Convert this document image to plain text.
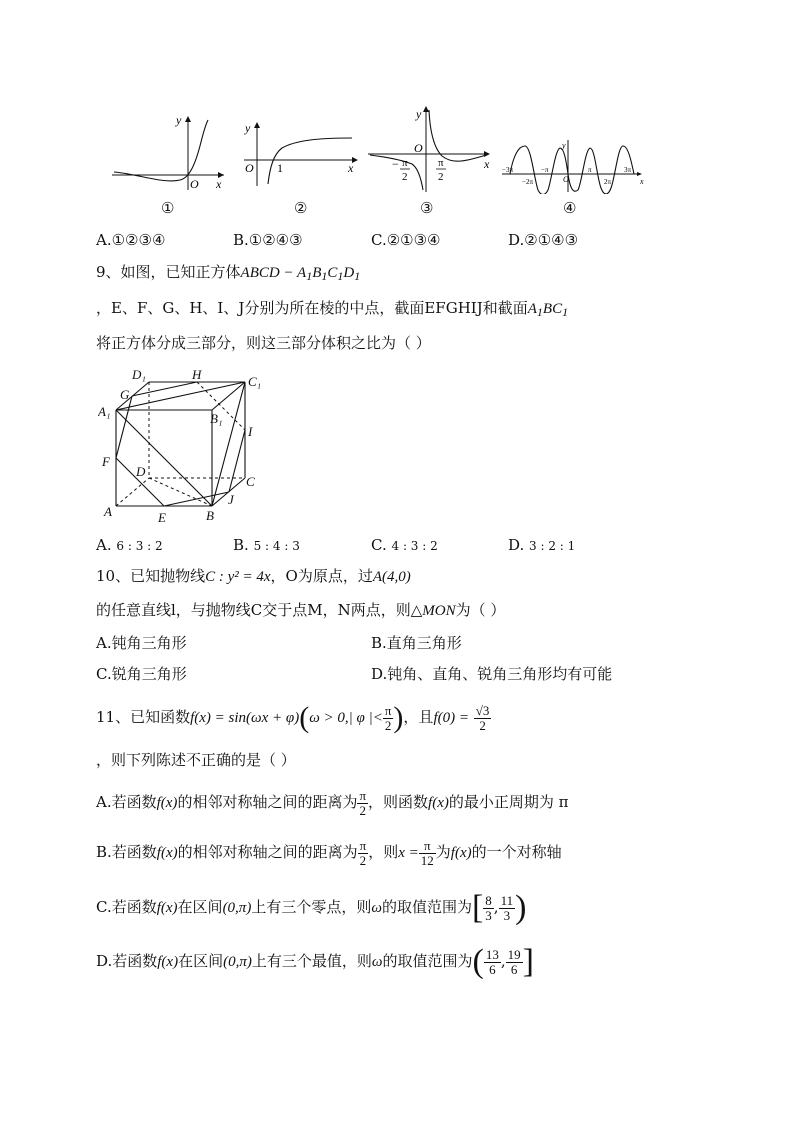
y
O x
①
y
O 1	x
②
y
O
x
− π
2
π
2
③
y
O	x
−3π
−2π
−π	π
2π
3π
④
A.①②③④	B.①②④③	C.②①③④	D.②①④③
9、如图，已知正方体ABCD − $A_1B_1C_1D_1$
，E、F、G、H、I、J分别为所在棱的中点，截面EFGHIJ和截面$A_1BC_1$
将正方体分成三部分，则这三部分体积之比为（ ）
D₁	H	C₁
G
A₁	B₁
I
F
D
C
J
A	E	B
A. 6 : 3 : 2	B. 5 : 4 : 3	C. 4 : 3 : 2	D. 3 : 2 : 1
10、已知抛物线C : y² = 4x，O为原点，过A(4,0)
的任意直线l，与抛物线C交于点M，N两点，则△MON为（ ）
A.钝角三角形	B.直角三角形
C.锐角三角形	D.钝角、直角、锐角三角形均有可能
11、已知函数f(x) = sin(ωx + φ)(ω > 0,| φ |< $\frac{\pi}{2}$ )，且$f(0) = \frac{√3}{2}$
，则下列陈述不正确的是（ ）
A.若函数f(x)的相邻对称轴之间的距离为 $\frac{\pi}{2}$ ，则函数f(x)的最小正周期为 π
B.若函数f(x)的相邻对称轴之间的距离为 $\frac{\pi}{2}$ ，则$x = \frac{\pi}{12}$ 为f(x)的一个对称轴
C.若函数f(x)在区间(0,π)上有三个零点，则ω的取值范围为[ $\frac{8}{3}$ , $\frac{11}{3}$ )
D.若函数f(x)在区间(0,π)上有三个最值，则ω的取值范围为( $\frac{13}{6}$ , $\frac{19}{6}$ ]
